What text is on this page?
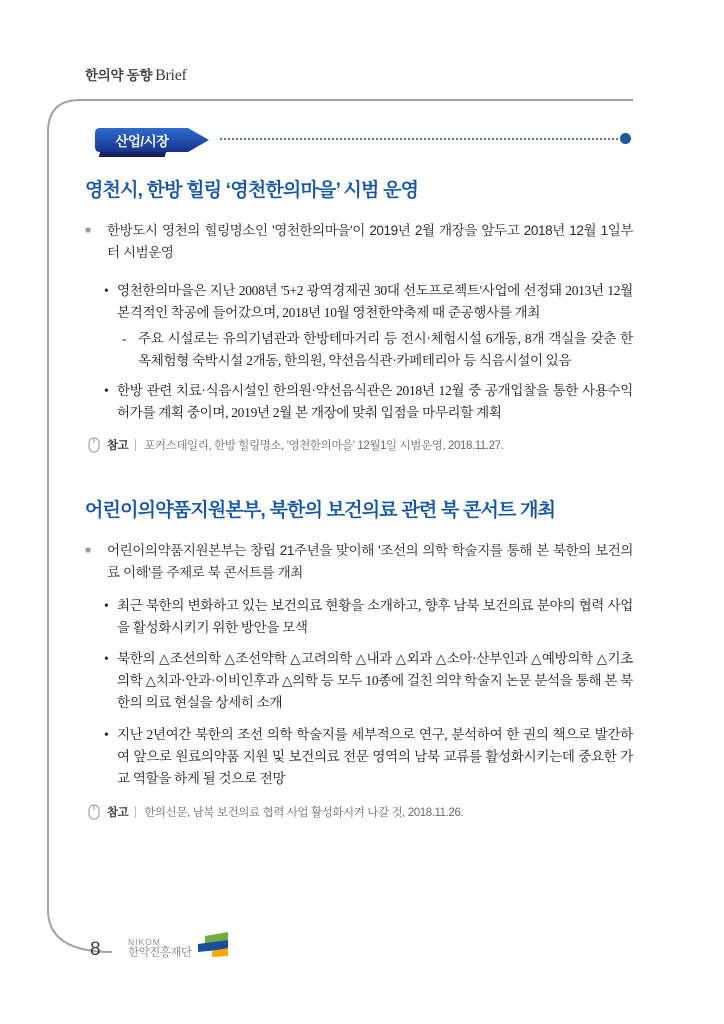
한의약 동향 Brief
산업/시장
영천시, 한방 힐링 ‘영천한의마을’ 시범 운영
■	한방도시 영천의 힐링명소인 '영천한의마을'이 2019년 2월 개장을 앞두고 2018년 12월 1일부터 시범운영
• 영천한의마을은 지난 2008년 '5+2 광역경제권 30대 선도프로젝트'사업에 선정돼 2013년 12월 본격적인 착공에 들어갔으며, 2018년 10월 영천한약축제 때 준공행사를 개최
- 주요 시설로는 유의기념관과 한방테마거리 등 전시·체험시설 6개동, 8개 객실을 갖춘 한옥체험형 숙박시설 2개동, 한의원, 약선음식관·카페테리아 등 식음시설이 있음
• 한방 관련 치료·식음시설인 한의원·약선음식관은 2018년 12월 중 공개입찰을 통한 사용수익허가를 계획 중이며, 2019년 2월 본 개장에 맞춰 입점을 마무리할 계획
참고 포커스데일리, 한방 힐링명소, '영천한의마을' 12월1일 시범운영, 2018.11.27.
어린이의약품지원본부, 북한의 보건의료 관련 북 콘서트 개최
■	어린이의약품지원본부는 창립 21주년을 맞이해 '조선의 의학 학술지를 통해 본 북한의 보건의료 이해'를 주제로 북 콘서트를 개최
• 최근 북한의 변화하고 있는 보건의료 현황을 소개하고, 향후 남북 보건의료 분야의 협력 사업을 활성화시키기 위한 방안을 모색
• 북한의 △조선의학 △조선약학 △고려의학 △내과 △외과 △소아·산부인과 △예방의학 △기초의학 △치과·안과·이비인후과 △의학 등 모두 10종에 걸친 의약 학술지 논문 분석을 통해 본 북한의 의료 현실을 상세히 소개
• 지난 2년여간 북한의 조선 의학 학술지를 세부적으로 연구, 분석하여 한 권의 책으로 발간하여 앞으로 원료의약품 지원 및 보건의료 전문 영역의 남북 교류를 활성화시키는데 중요한 가교 역할을 하게 될 것으로 전망
참고 한의신문, 남북 보건의료 협력 사업 활성화시켜 나갈 것, 2018.11.26.
8	NIKOM
한약진흥재단
